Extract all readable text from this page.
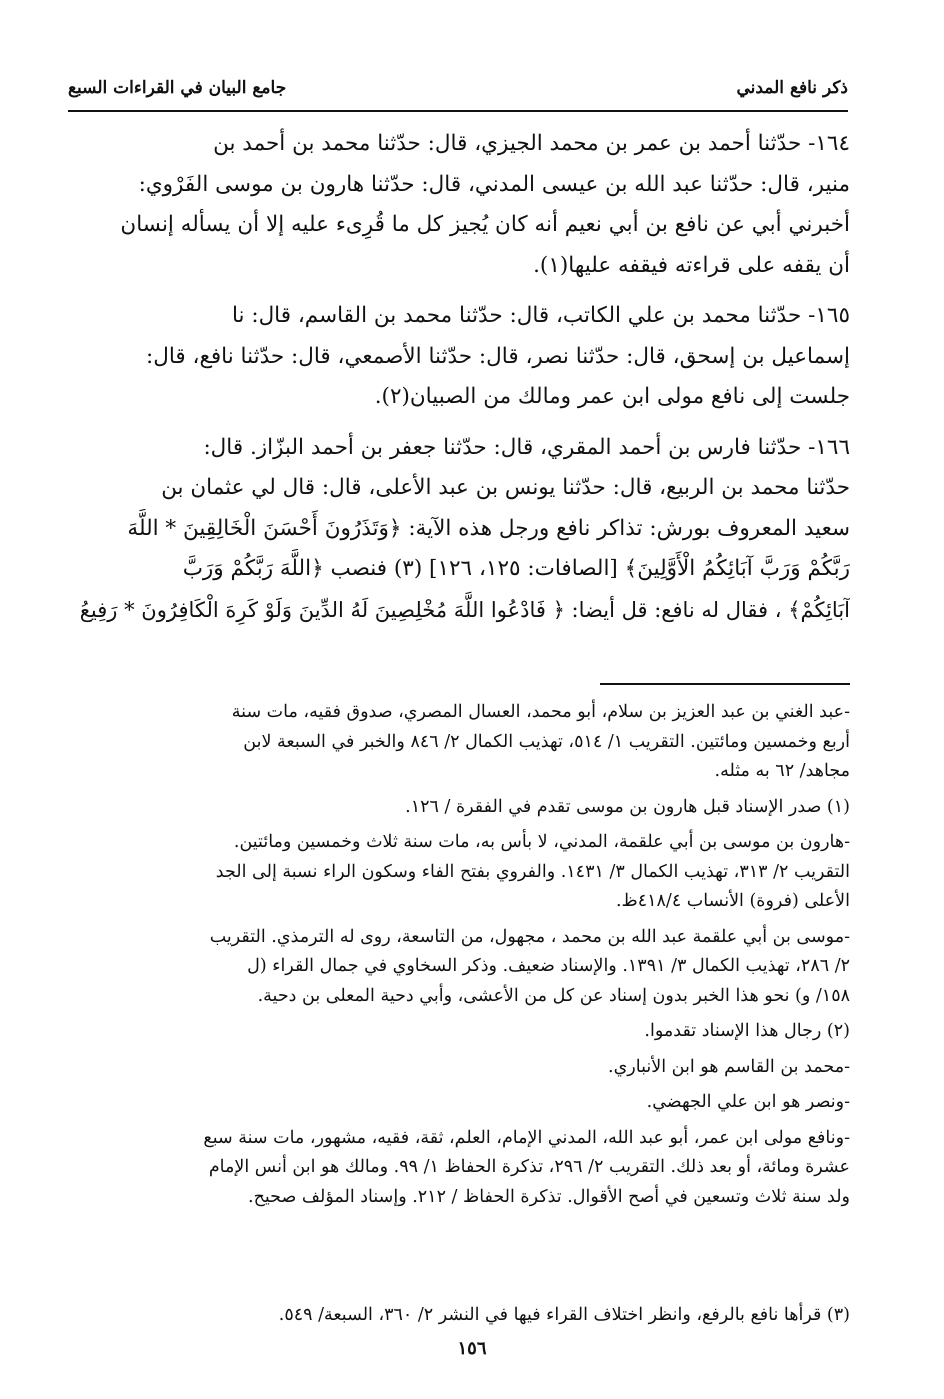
ذكر نافع المدني
جامع البيان في القراءات السبع

١٦٤- حدّثنا أحمد بن عمر بن محمد الجيزي، قال: حدّثنا محمد بن أحمد بن
منير، قال: حدّثنا عبد الله بن عيسى المدني، قال: حدّثنا هارون بن موسى الفَرْوي:
أخبرني أبي عن نافع بن أبي نعيم أنه كان يُجيز كل ما قُرِىء عليه إلا أن يسأله إنسان
أن يقفه على قراءته فيقفه عليها(١).

١٦٥- حدّثنا محمد بن علي الكاتب، قال: حدّثنا محمد بن القاسم، قال: نا
إسماعيل بن إسحق، قال: حدّثنا نصر، قال: حدّثنا الأصمعي، قال: حدّثنا نافع، قال:
جلست إلى نافع مولى ابن عمر ومالك من الصبيان(٢).

١٦٦- حدّثنا فارس بن أحمد المقري، قال: حدّثنا جعفر بن أحمد البزّاز. قال:
حدّثنا محمد بن الربيع، قال: حدّثنا يونس بن عبد الأعلى، قال: قال لي عثمان بن
سعيد المعروف بورش: تذاكر نافع ورجل هذه الآية: ﴿وَتَذَرُونَ أَحْسَنَ الْخَالِقِينَ * اللَّهَ
رَبَّكُمْ وَرَبَّ آبَائِكُمُ الْأَوَّلِينَ﴾ [الصافات: ١٢٥، ١٢٦] (٣) فنصب ﴿اللَّهَ رَبَّكُمْ وَرَبَّ
آبَائِكُمْ﴾ ، فقال له نافع: قل أيضا: ﴿ فَادْعُوا اللَّهَ مُخْلِصِينَ لَهُ الدِّينَ وَلَوْ كَرِهَ الْكَافِرُونَ * رَفِيعُ

-عبد الغني بن عبد العزيز بن سلام، أبو محمد، العسال المصري، صدوق فقيه، مات سنة
أربع وخمسين ومائتين. التقريب ١/ ٥١٤، تهذيب الكمال ٢/ ٨٤٦ والخبر في السبعة لابن
مجاهد/ ٦٢ به مثله.

(١) صدر الإسناد قبل هارون بن موسى تقدم في الفقرة / ١٢٦.

-هارون بن موسى بن أبي علقمة، المدني، لا بأس به، مات سنة ثلاث وخمسين ومائتين.
التقريب ٢/ ٣١٣، تهذيب الكمال ٣/ ١٤٣١. والفروي بفتح الفاء وسكون الراء نسبة إلى الجد
الأعلى (فروة) الأنساب ٤١٨/٤ظ.

-موسى بن أبي علقمة عبد الله بن محمد ، مجهول، من التاسعة، روى له الترمذي. التقريب
٢/ ٢٨٦، تهذيب الكمال ٣/ ١٣٩١. والإسناد ضعيف. وذكر السخاوي في جمال القراء (ل
١٥٨/ و) نحو هذا الخبر بدون إسناد عن كل من الأعشى، وأبي دحية المعلى بن دحية.

(٢) رجال هذا الإسناد تقدموا.

-محمد بن القاسم هو ابن الأنباري.

-ونصر هو ابن علي الجهضي.

-ونافع مولى ابن عمر، أبو عبد الله، المدني الإمام، العلم، ثقة، فقيه، مشهور، مات سنة سبع
عشرة ومائة، أو بعد ذلك. التقريب ٢/ ٢٩٦، تذكرة الحفاظ ١/ ٩٩. ومالك هو ابن أنس الإمام
ولد سنة ثلاث وتسعين في أصح الأقوال. تذكرة الحفاظ / ٢١٢. وإسناد المؤلف صحيح.

(٣) قرأها نافع بالرفع، وانظر اختلاف القراء فيها في النشر ٢/ ٣٦٠، السبعة/ ٥٤٩.
١٥٦
